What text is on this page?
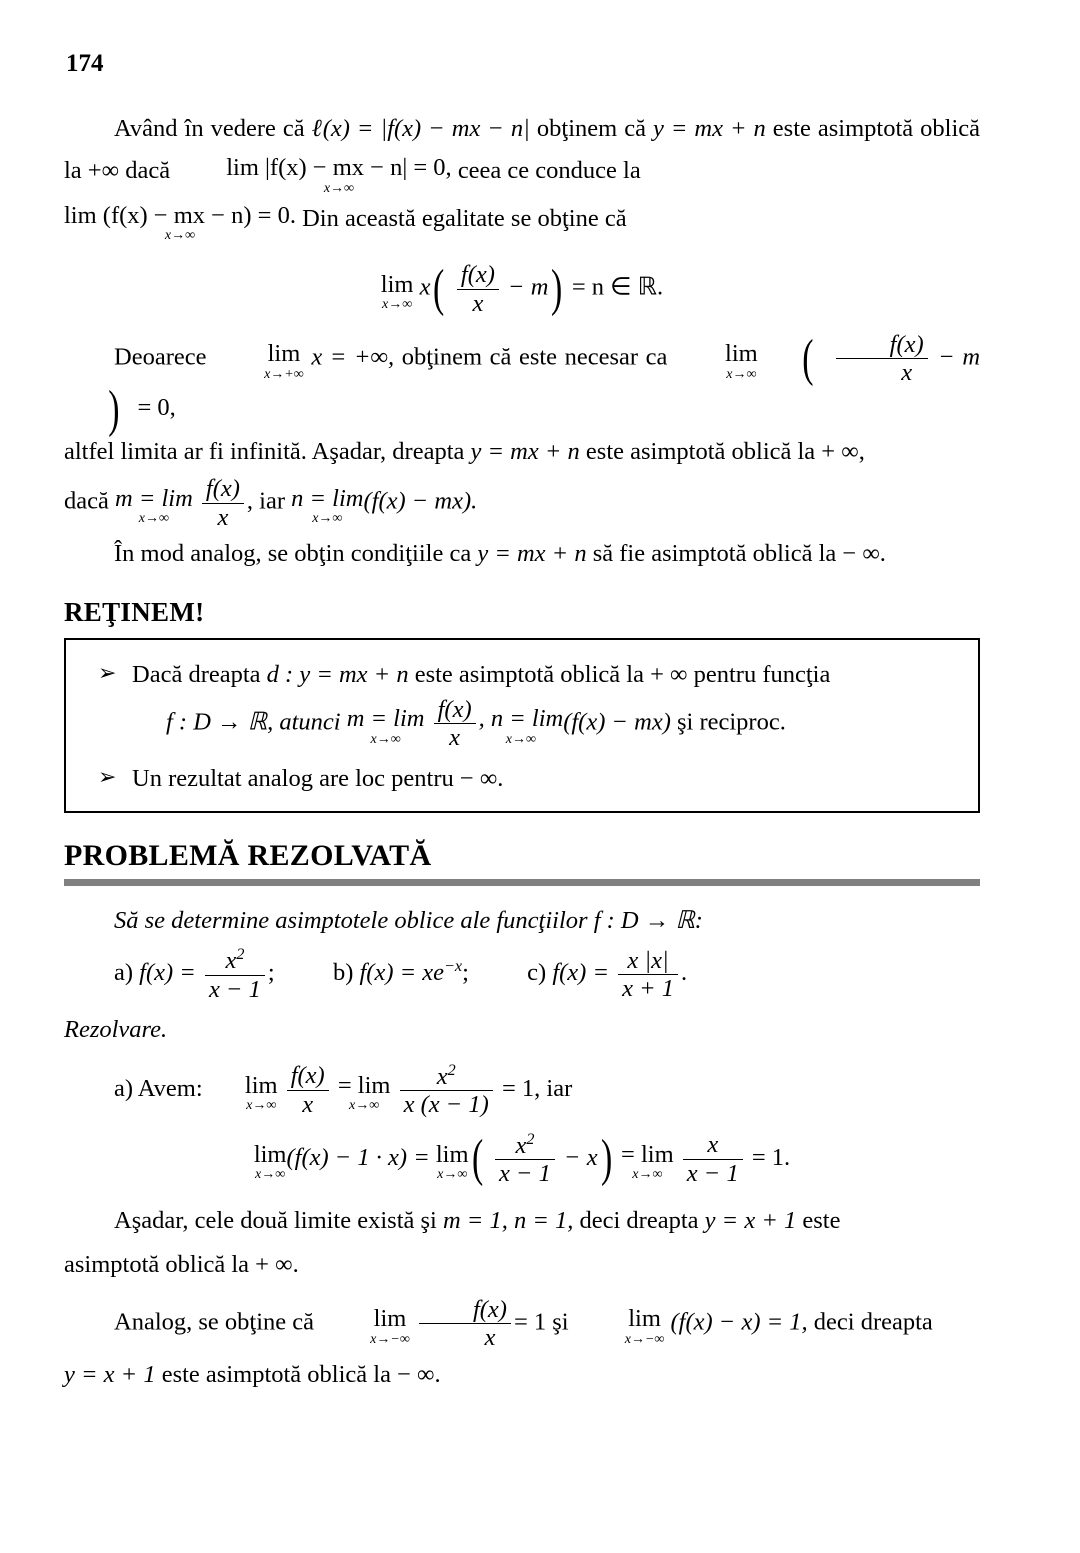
174

Având în vedere că ℓ(x) = |f(x) − mx − n| obţinem că y = mx + n este asimptotă oblică la +∞ dacă	lim |f(x) − mx − n| = 0,
x→∞
ceea ce conduce la

lim (f(x) − mx − n) = 0.
x→∞
Din această egalitate se obţine că

lim
x→∞
$x( \frac{f(x)}{x} - m) = n$ ∈ ℝ.

Deoarece	lim
x→+∞
x = +∞, obţinem că este necesar ca	lim
x→∞ ( $\frac{f(x)}{x} - m) = 0$,

altfel limita ar fi infinită. Aşadar, dreapta y = mx + n este asimptotă oblică la + ∞,

dacă m = lim
x→∞
	$\frac{f(x)}{x}$ , iar n = lim
x→∞
(f(x) − mx).

În mod analog, se obţin condiţiile ca y = mx + n să fie asimptotă oblică la − ∞.

REŢINEM!
➢ Dacă dreapta d : y = mx + n este asimptotă oblică la + ∞ pentru funcţia
f : D → ℝ, atunci m = lim
x→∞
	$\frac{f(x)}{x}$ , n = lim
x→∞
(f(x) − mx) şi reciproc.
➢ Un rezultat analog are loc pentru − ∞.
PROBLEMĂ REZOLVATĂ

Să se determine asimptotele oblice ale funcţiilor f : D → ℝ:

a) $f(x) = \frac{x^2}{x - 1}$ ; b) $f(x) = xe^{-x}$; c) $f(x) = \frac{x |x|}{x + 1}$ .

Rezolvare.

a) Avem: lim
x→∞
$\frac{f(x)}{x}$
= lim
x→∞
$\frac{x^2}{x (x - 1)} = 1$, iar
lim
x→∞
(f(x) − 1 · x) = lim
x→∞ ( $\frac{x^2}{x - 1} - x) = \lim$
x→∞
$\frac{x}{x - 1} = 1$.

Aşadar, cele două limite există şi m = 1, n = 1, deci dreapta y = x + 1 este

asimptotă oblică la + ∞.

Analog, se obţine că	lim
x→−∞
$\frac{f(x)}{x} = 1$ şi	lim
x→−∞
(f(x) − x) = 1, deci dreapta

y = x + 1 este asimptotă oblică la − ∞.
